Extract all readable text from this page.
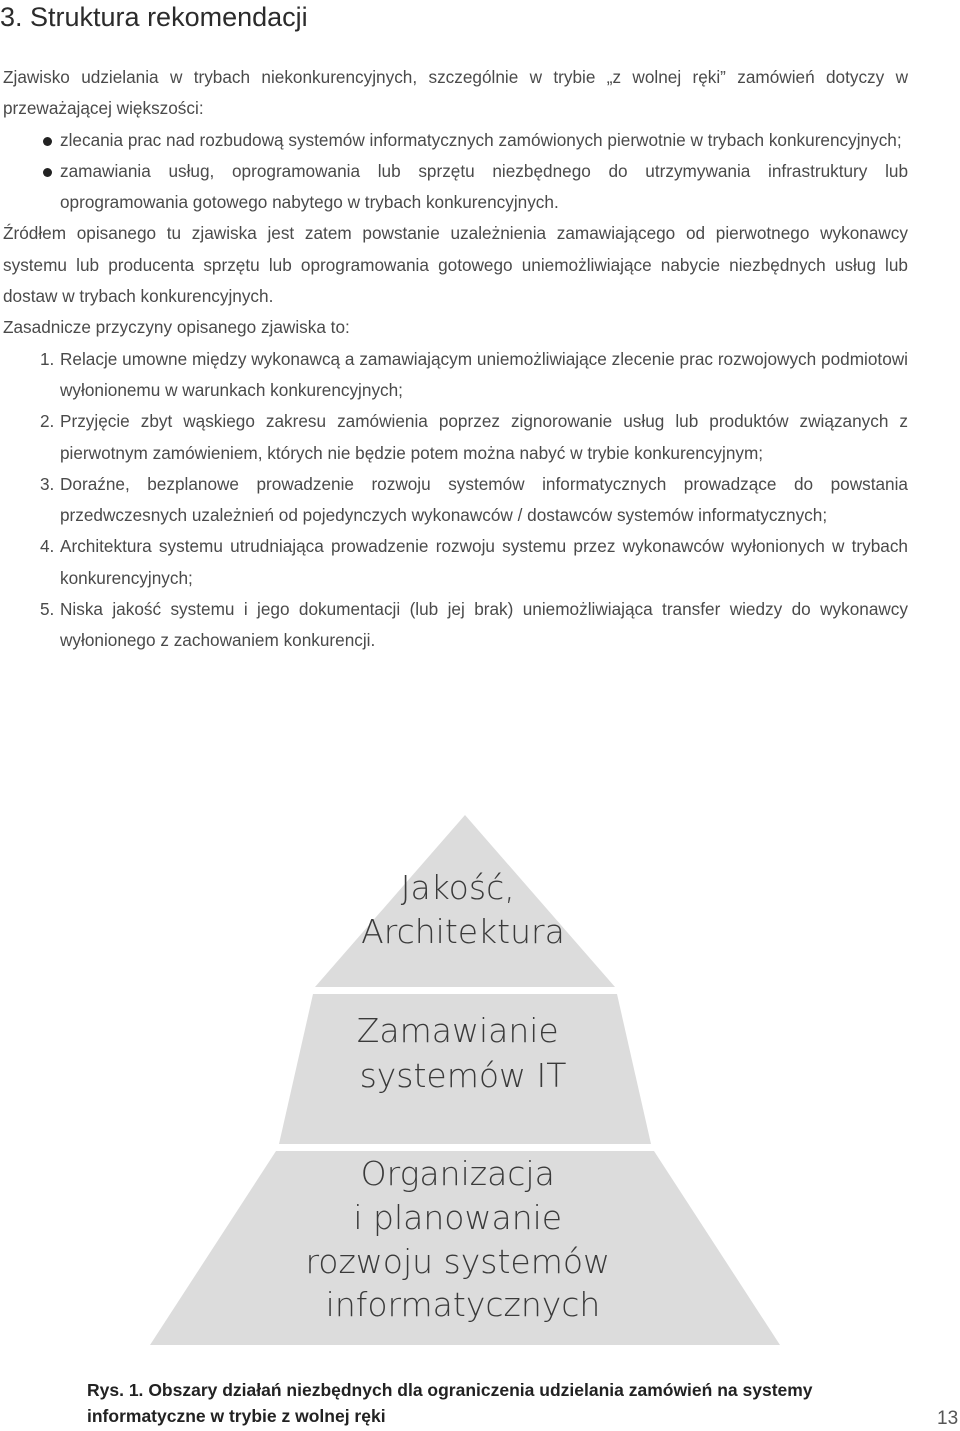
3. Struktura rekomendacji

Zjawisko udzielania w trybach niekonkurencyjnych, szczególnie w trybie „z wolnej ręki” zamówień dotyczy w przeważającej większości:

zlecania prac nad rozbudową systemów informatycznych zamówionych pierwotnie w trybach konkurencyjnych;
zamawiania usług, oprogramowania lub sprzętu niezbędnego do utrzymywania infrastruktury lub oprogramowania gotowego nabytego w trybach konkurencyjnych.

Źródłem opisanego tu zjawiska jest zatem powstanie uzależnienia zamawiającego od pierwotnego wykonawcy systemu lub producenta sprzętu lub oprogramowania gotowego uniemożliwiające nabycie niezbędnych usług lub dostaw w trybach konkurencyjnych.

Zasadnicze przyczyny opisanego zjawiska to:

1. Relacje umowne między wykonawcą a zamawiającym uniemożliwiające zlecenie prac rozwojowych podmiotowi wyłonionemu w warunkach konkurencyjnych;
2. Przyjęcie zbyt wąskiego zakresu zamówienia poprzez zignorowanie usług lub produktów związanych z pierwotnym zamówieniem, których nie będzie potem można nabyć w trybie konkurencyjnym;
3. Doraźne, bezplanowe prowadzenie rozwoju systemów informatycznych prowadzące do powstania przedwczesnych uzależnień od pojedynczych wykonawców / dostawców systemów informatycznych;
4. Architektura systemu utrudniająca prowadzenie rozwoju systemu przez wykonawców wyłonionych w trybach konkurencyjnych;
5. Niska jakość systemu i jego dokumentacji (lub jej brak) uniemożliwiająca transfer wiedzy do wykonawcy wyłonionego z zachowaniem konkurencji.
Jakość, Architektura
Zamawianie systemów IT
Organizacja i planowanie rozwoju systemów informatycznych
Rys. 1. Obszary działań niezbędnych dla ograniczenia udzielania zamówień na systemy informatyczne w trybie z wolnej ręki	13
